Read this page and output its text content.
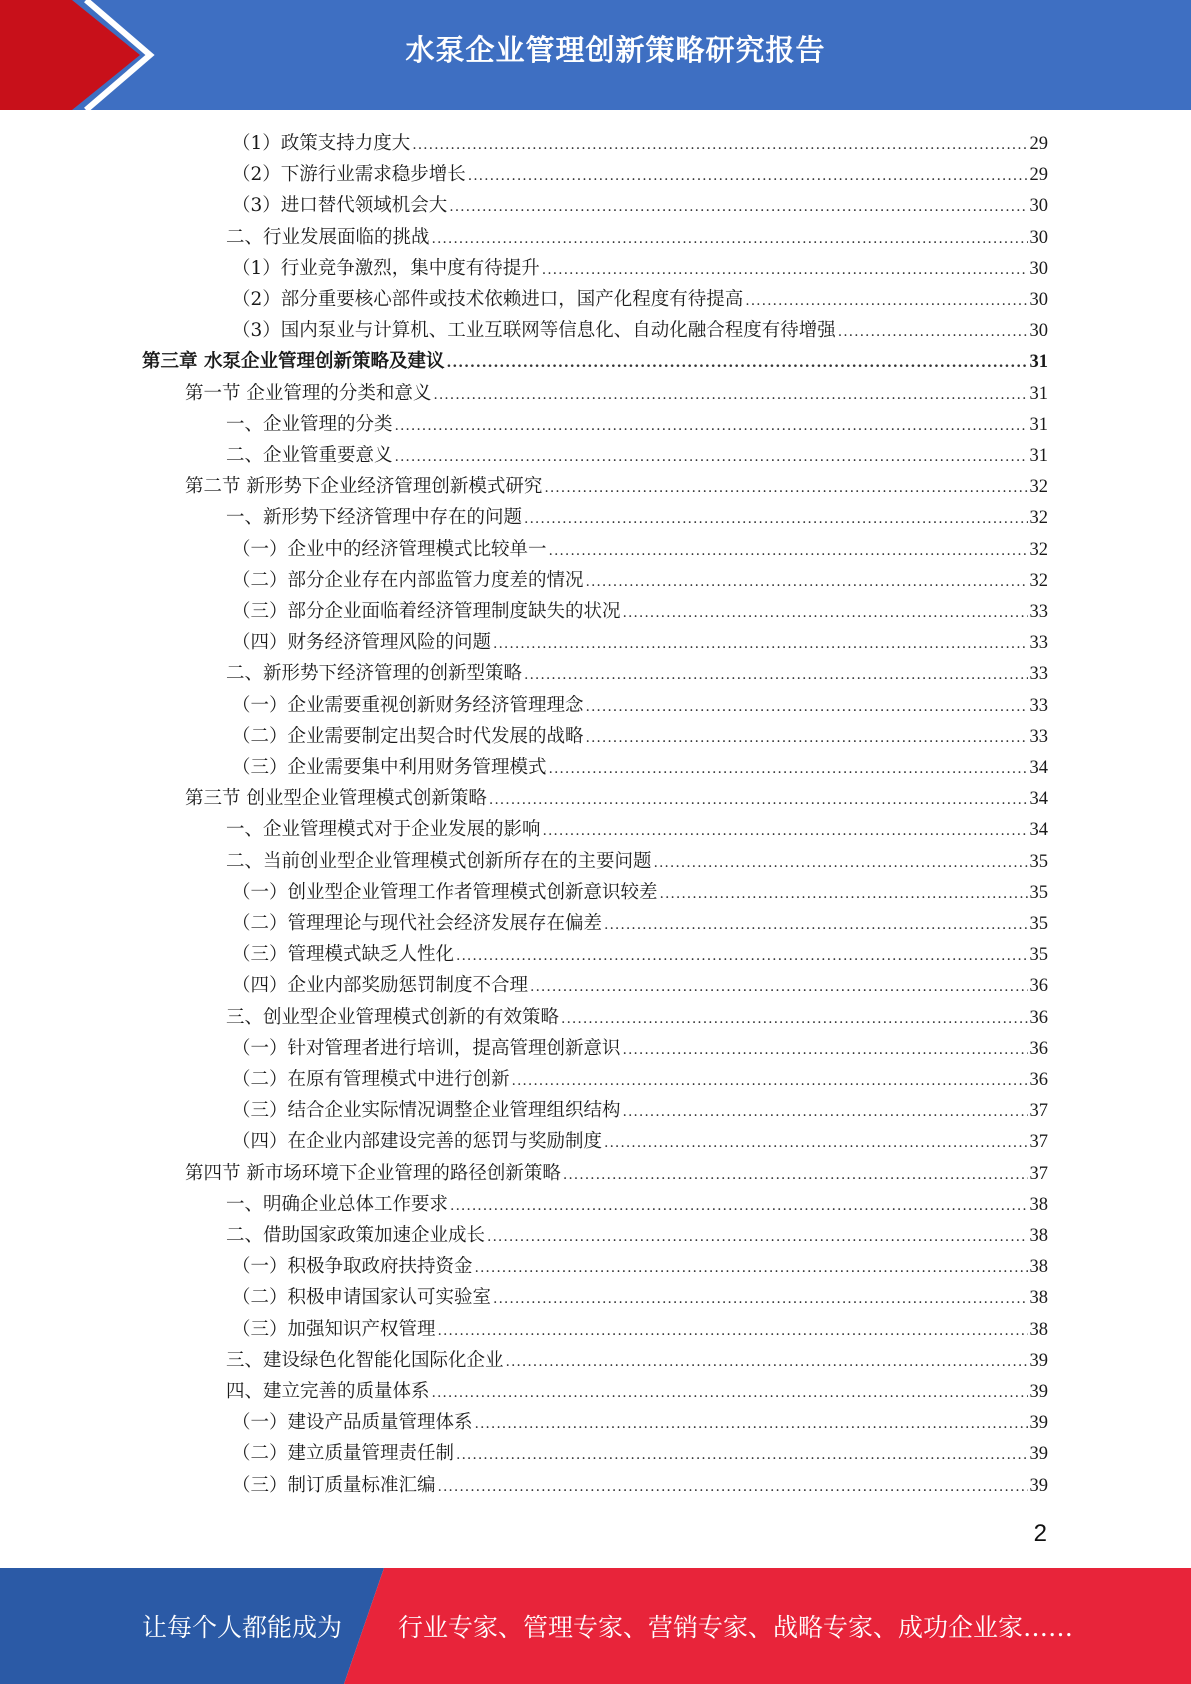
水泵企业管理创新策略研究报告
（1）政策支持力度大 .....	29
（2）下游行业需求稳步增长 .....	29
（3）进口替代领域机会大 .....	30
二、行业发展面临的挑战 .....	30
（1）行业竞争激烈，集中度有待提升 .....	30
（2）部分重要核心部件或技术依赖进口，国产化程度有待提高 .....	30
（3）国内泵业与计算机、工业互联网等信息化、自动化融合程度有待增强 .....	30
第三章 水泵企业管理创新策略及建议 .....	31
第一节 企业管理的分类和意义 .....	31
一、企业管理的分类 .....	31
二、企业管重要意义 .....	31
第二节 新形势下企业经济管理创新模式研究 .....	32
一、新形势下经济管理中存在的问题 .....	32
（一）企业中的经济管理模式比较单一 .....	32
（二）部分企业存在内部监管力度差的情况 .....	32
（三）部分企业面临着经济管理制度缺失的状况 .....	33
（四）财务经济管理风险的问题 .....	33
二、新形势下经济管理的创新型策略 .....	33
（一）企业需要重视创新财务经济管理理念 .....	33
（二）企业需要制定出契合时代发展的战略 .....	33
（三）企业需要集中利用财务管理模式 .....	34
第三节 创业型企业管理模式创新策略 .....	34
一、企业管理模式对于企业发展的影响 .....	34
二、当前创业型企业管理模式创新所存在的主要问题 .....	35
（一）创业型企业管理工作者管理模式创新意识较差 .....	35
（二）管理理论与现代社会经济发展存在偏差 .....	35
（三）管理模式缺乏人性化 .....	35
（四）企业内部奖励惩罚制度不合理 .....	36
三、创业型企业管理模式创新的有效策略 .....	36
（一）针对管理者进行培训，提高管理创新意识 .....	36
（二）在原有管理模式中进行创新 .....	36
（三）结合企业实际情况调整企业管理组织结构 .....	37
（四）在企业内部建设完善的惩罚与奖励制度 .....	37
第四节 新市场环境下企业管理的路径创新策略 .....	37
一、明确企业总体工作要求 .....	38
二、借助国家政策加速企业成长 .....	38
（一）积极争取政府扶持资金 .....	38
（二）积极申请国家认可实验室 .....	38
（三）加强知识产权管理 .....	38
三、建设绿色化智能化国际化企业 .....	39
四、建立完善的质量体系 .....	39
（一）建设产品质量管理体系 .....	39
（二）建立质量管理责任制 .....	39
（三）制订质量标准汇编 .....	39
2
让每个人都能成为 行业专家、管理专家、营销专家、战略专家、成功企业家……
